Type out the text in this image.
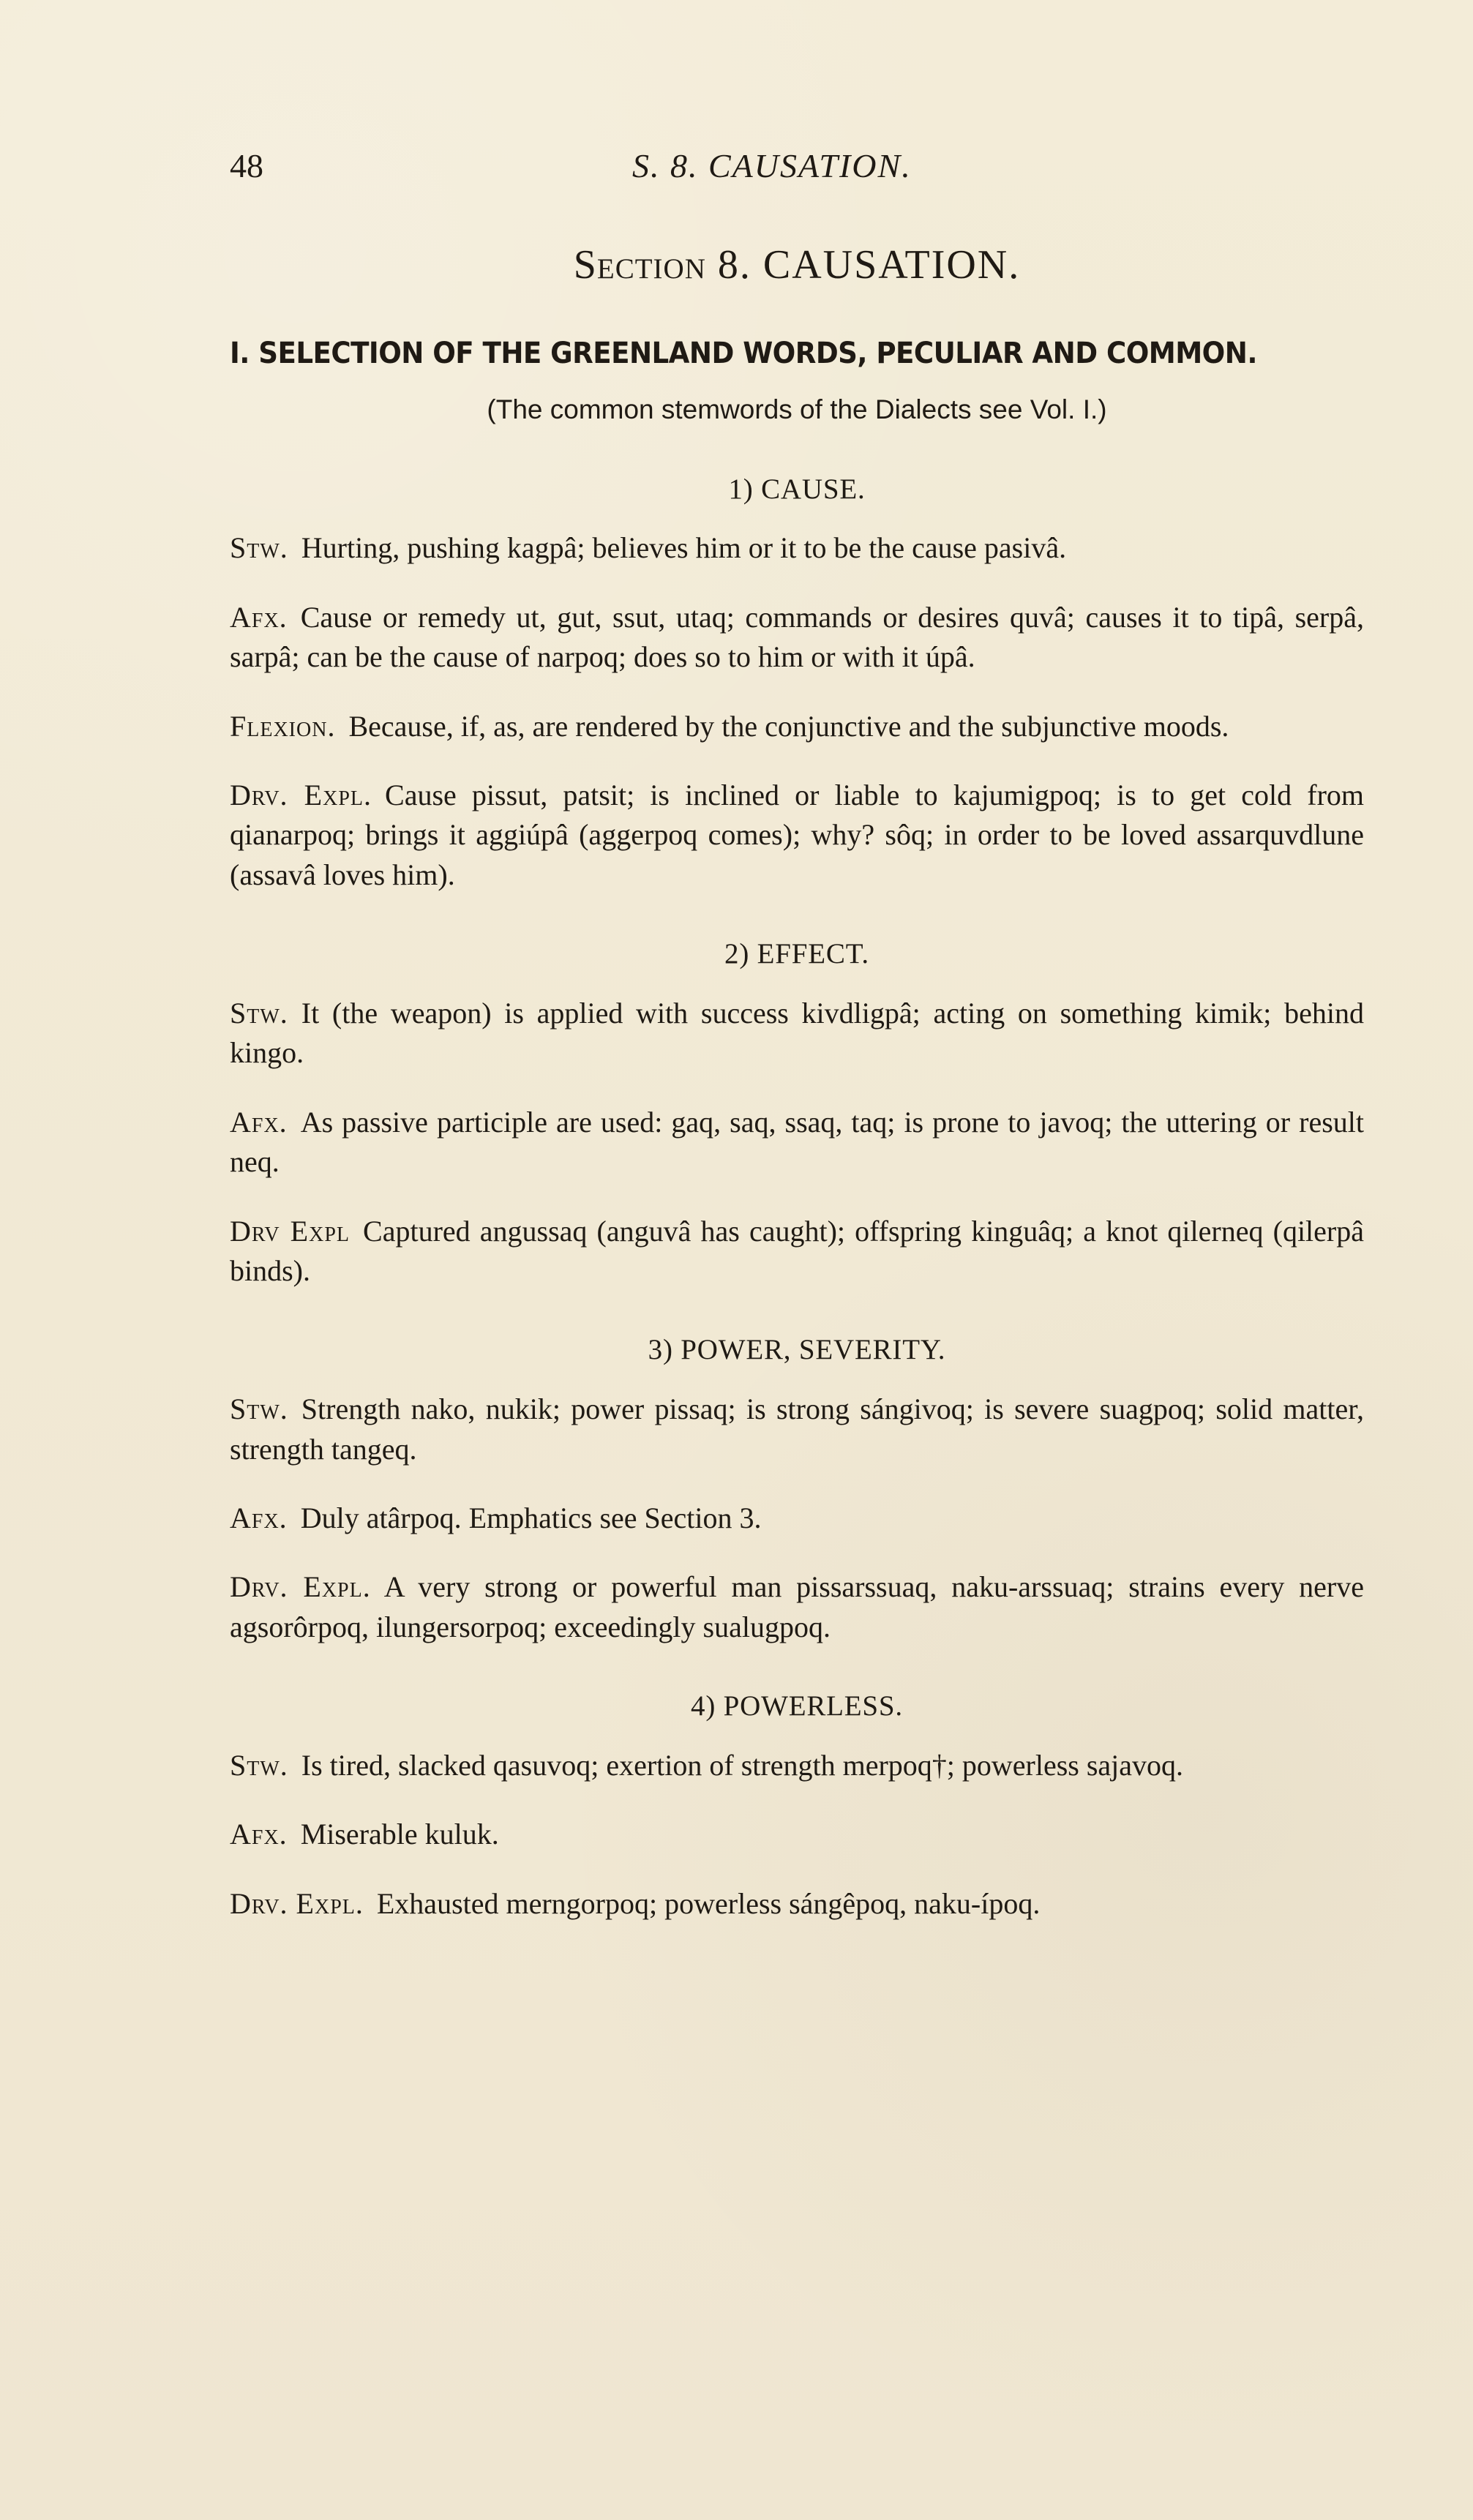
48	S. 8. CAUSATION.
Section 8. CAUSATION.
I. SELECTION OF THE GREENLAND WORDS, PECULIAR AND COMMON.
(The common stemwords of the Dialects see Vol. I.)
1) CAUSE.

Stw. Hurting, pushing kagpâ; believes him or it to be the cause pasivâ.

Afx. Cause or remedy ut, gut, ssut, utaq; commands or desires quvâ; causes it to tipâ, serpâ, sarpâ; can be the cause of narpoq; does so to him or with it úpâ.

Flexion. Because, if, as, are rendered by the conjunctive and the subjunctive moods.

Drv. Expl. Cause pissut, patsit; is inclined or liable to kajumigpoq; is to get cold from qianarpoq; brings it aggiúpâ (aggerpoq comes); why? sôq; in order to be loved assarquvdlune (assavâ loves him).

2) EFFECT.

Stw. It (the weapon) is applied with success kivdligpâ; acting on something kimik; behind kingo.

Afx. As passive participle are used: gaq, saq, ssaq, taq; is prone to javoq; the uttering or result neq.

Drv Expl Captured angussaq (anguvâ has caught); offspring kinguâq; a knot qilerneq (qilerpâ binds).

3) POWER, SEVERITY.

Stw. Strength nako, nukik; power pissaq; is strong sángivoq; is severe suagpoq; solid matter, strength tangeq.

Afx. Duly atârpoq. Emphatics see Section 3.

Drv. Expl. A very strong or powerful man pissarssuaq, naku-arssuaq; strains every nerve agsorôrpoq, ilungersorpoq; exceedingly sualugpoq.

4) POWERLESS.

Stw. Is tired, slacked qasuvoq; exertion of strength merpoq†; powerless sajavoq.

Afx. Miserable kuluk.

Drv. Expl. Exhausted merngorpoq; powerless sángêpoq, naku-ípoq.
